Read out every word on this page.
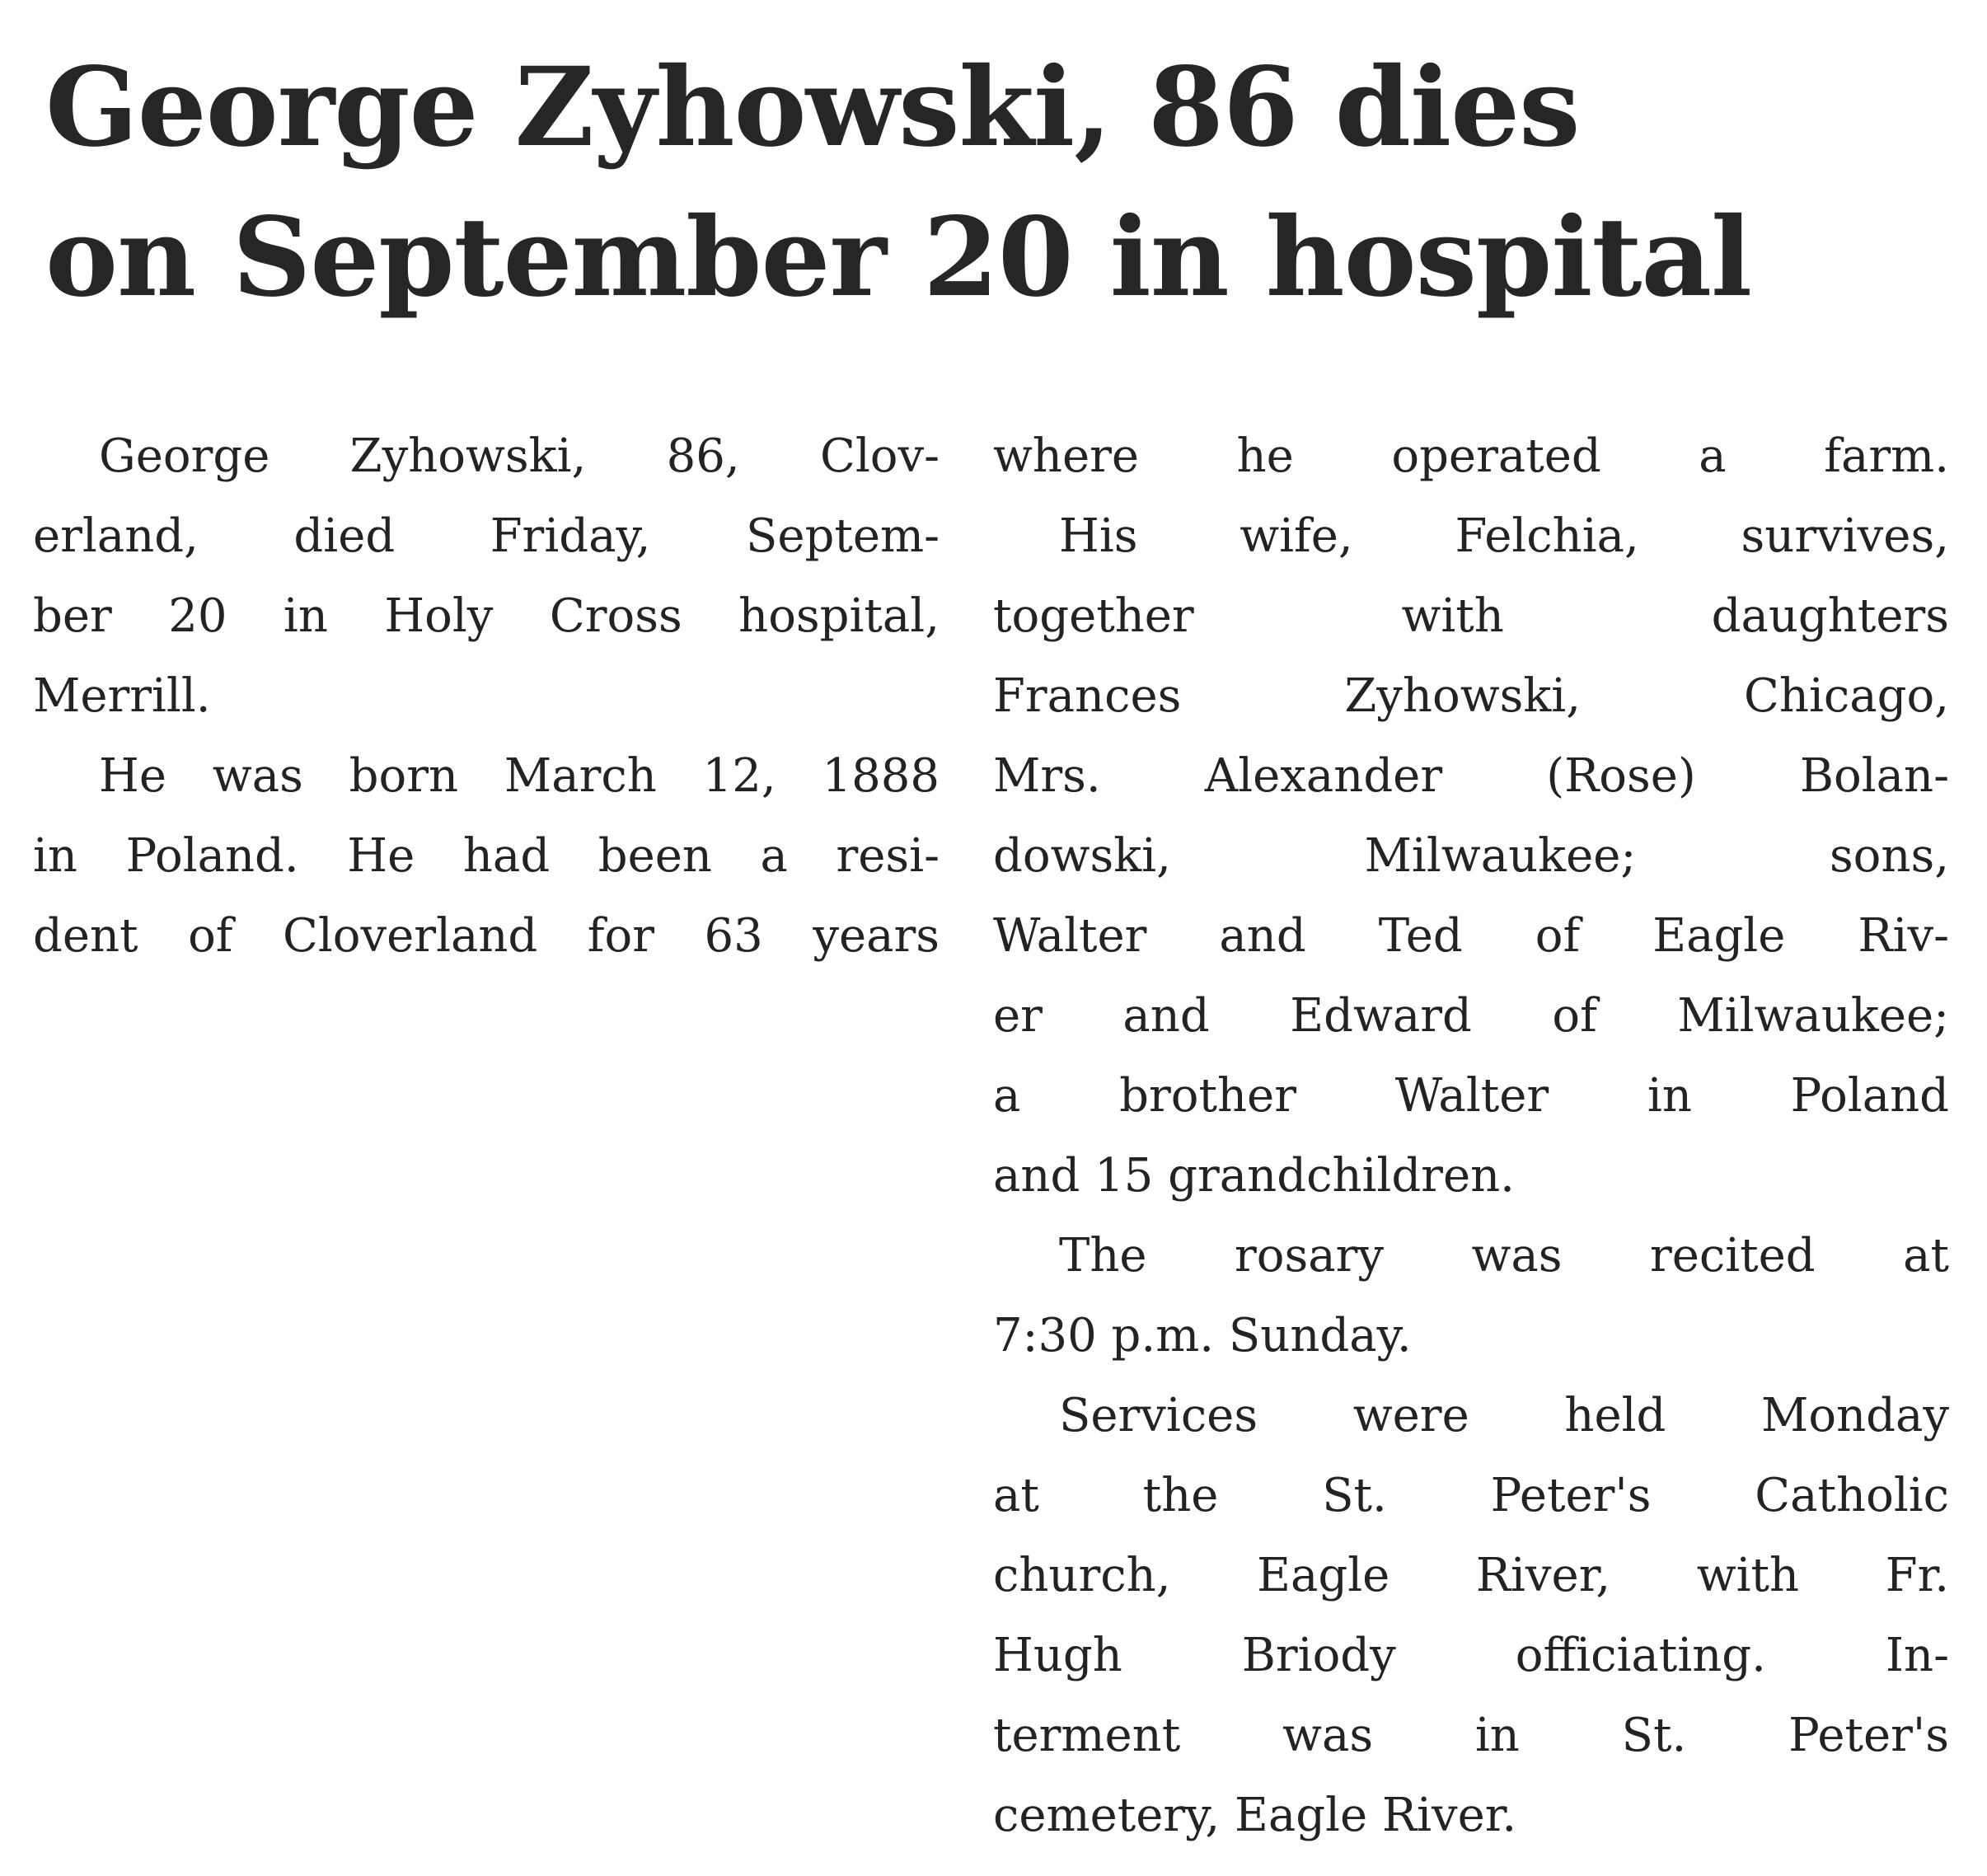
George Zyhowski, 86 dies
on September 20 in hospital
George Zyhowski, 86, Clov-
erland, died Friday, Septem-
ber 20 in Holy Cross hospital,
Merrill.
He was born March 12, 1888
in Poland. He had been a resi-
dent of Cloverland for 63 years
where he operated a farm.
His wife, Felchia, survives,
together with daughters
Frances Zyhowski, Chicago,
Mrs. Alexander (Rose) Bolan-
dowski, Milwaukee; sons,
Walter and Ted of Eagle Riv-
er and Edward of Milwaukee;
a brother Walter in Poland
and 15 grandchildren.
The rosary was recited at
7:30 p.m. Sunday.
Services were held Monday
at the St. Peter's Catholic
church, Eagle River, with Fr.
Hugh Briody officiating. In-
terment was in St. Peter's
cemetery, Eagle River.
